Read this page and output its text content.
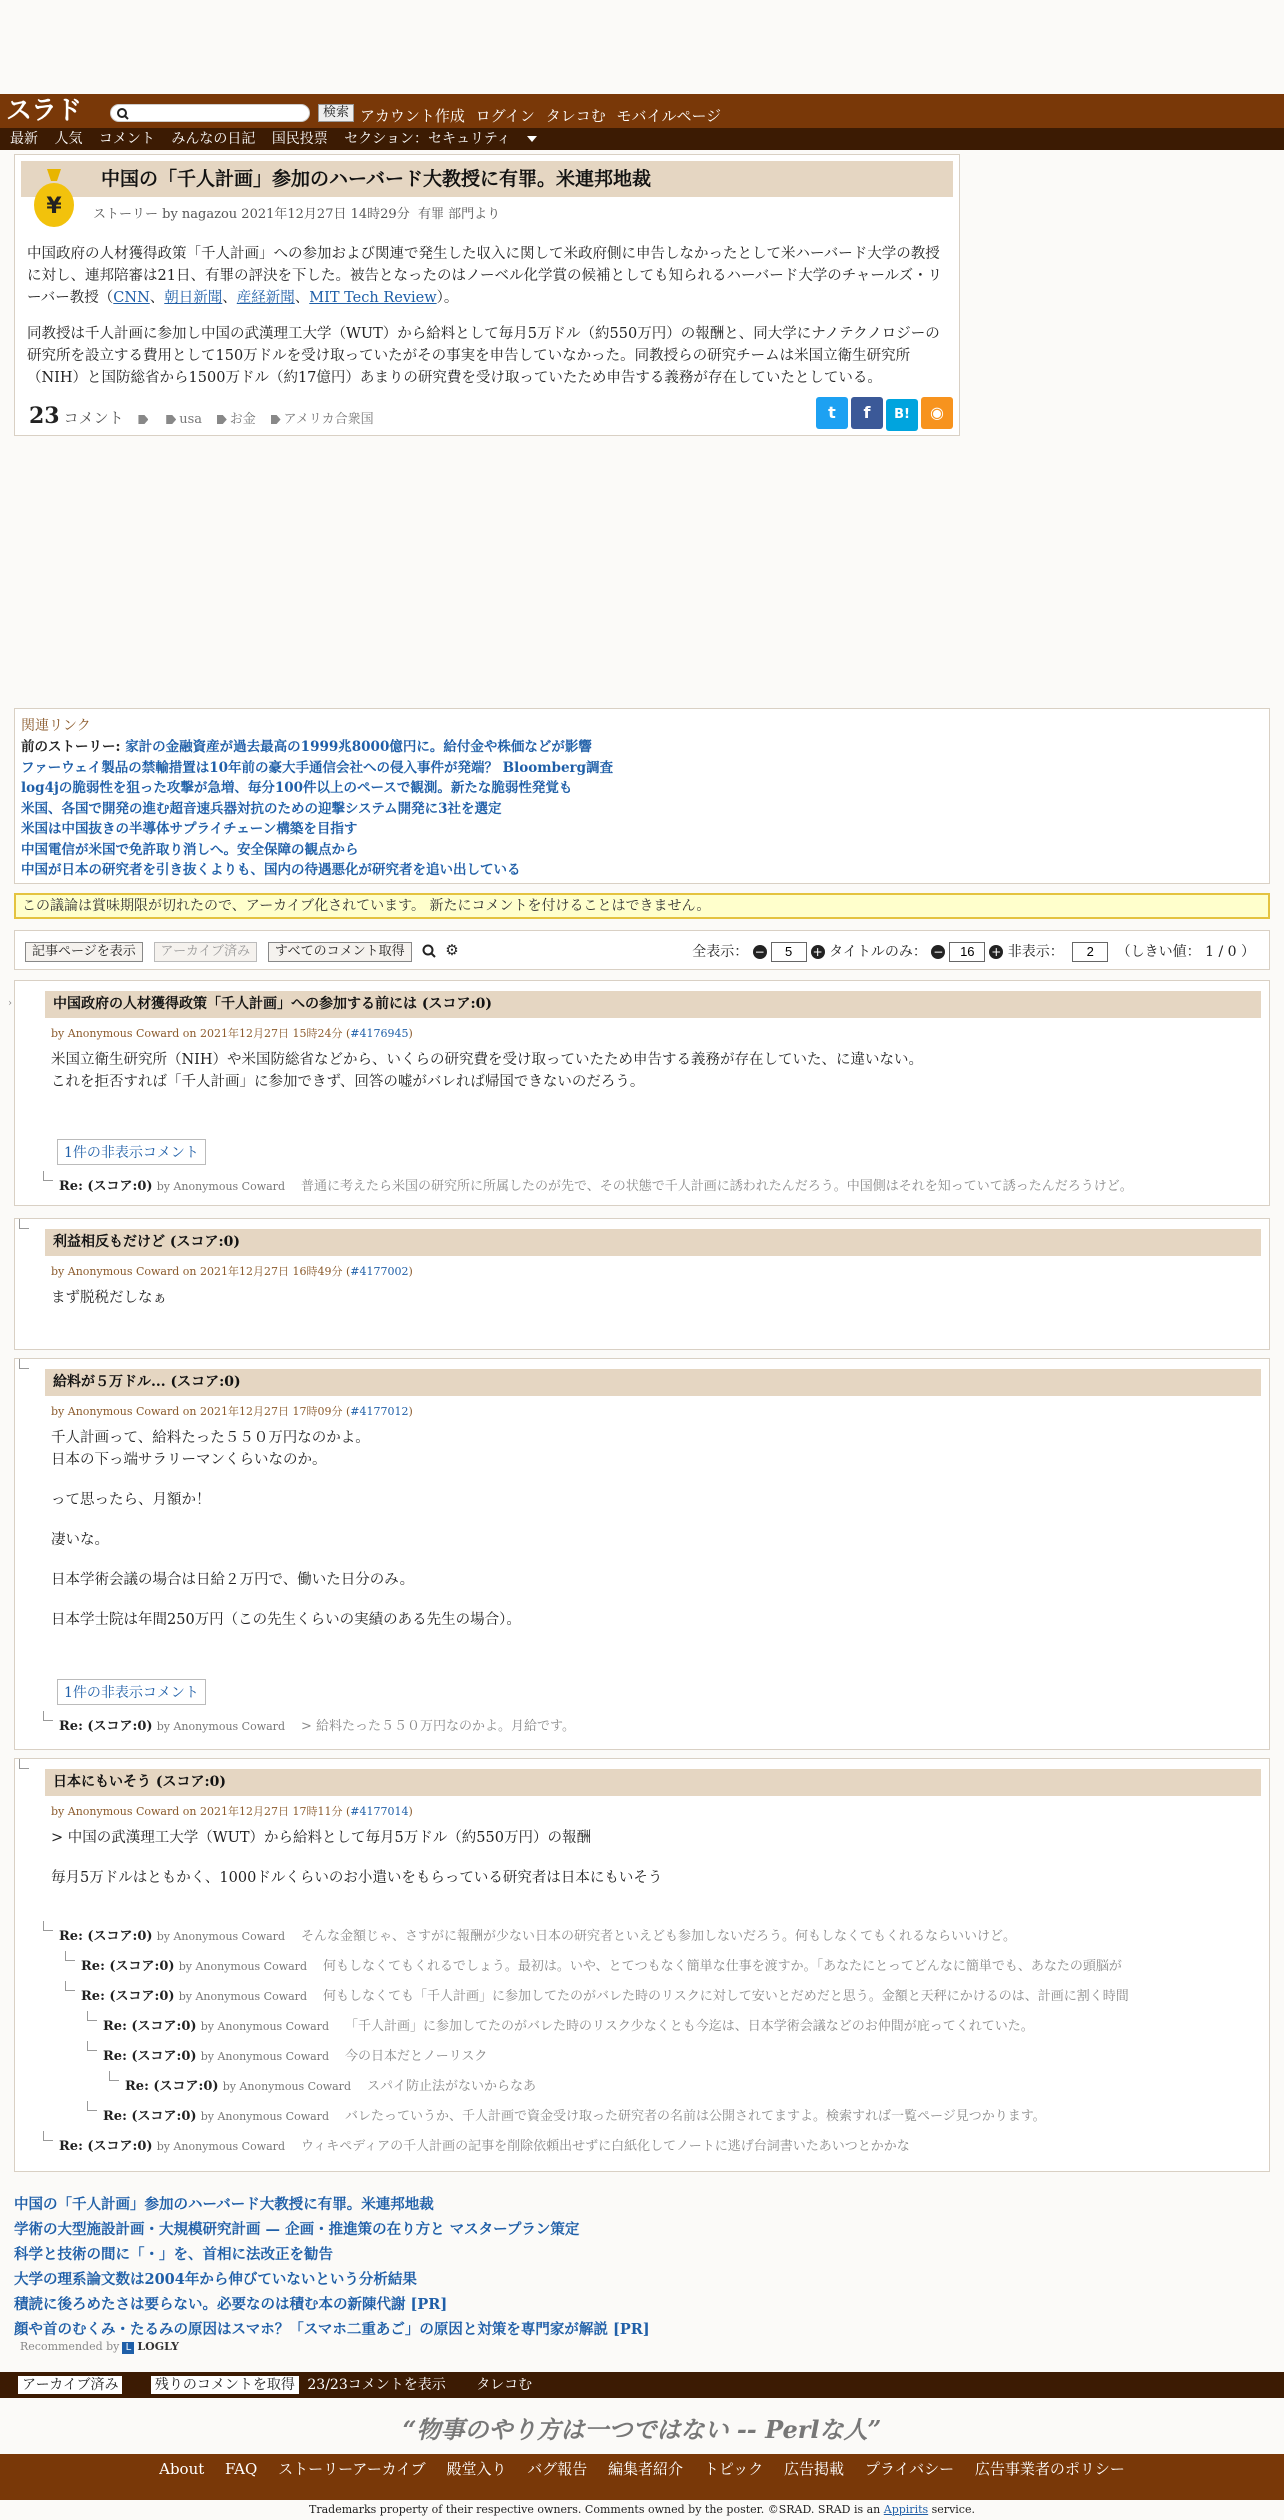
スラド	検索 アカウント作成 ログイン タレコむ モバイルページ
最新 人気 コメント みんなの日記 国民投票 セクション：セキュリティ
中国の「千人計画」参加のハーバード大教授に有罪。米連邦地裁
¥ ストーリー by nagazou 2021年12月27日 14時29分 有罪 部門より

中国政府の人材獲得政策「千人計画」への参加および関連で発生した収入に関して米政府側に申告しなかったとして米ハーバード大学の教授に対し、連邦陪審は21日、有罪の評決を下した。被告となったのはノーベル化学賞の候補としても知られるハーバード大学のチャールズ・リーバー教授（CNN、朝日新聞、産経新聞、MIT Tech Review）。

同教授は千人計画に参加し中国の武漢理工大学（WUT）から給料として毎月5万ドル（約550万円）の報酬と、同大学にナノテクノロジーの研究所を設立する費用として150万ドルを受け取っていたがその事実を申告していなかった。同教授らの研究チームは米国立衛生研究所（NIH）と国防総省から1500万ドル（約17億円）あまりの研究費を受け取っていたため申告する義務が存在していたとしている。

23 コメント	usa お金 アメリカ合衆国	t f B! ◉

関連リンク

前のストーリー: 家計の金融資産が過去最高の1999兆8000億円に。給付金や株価などが影響
ファーウェイ製品の禁輸措置は10年前の豪大手通信会社への侵入事件が発端？ Bloomberg調査
log4jの脆弱性を狙った攻撃が急増、毎分100件以上のペースで観測。新たな脆弱性発覚も
米国、各国で開発の進む超音速兵器対抗のための迎撃システム開発に3社を選定
米国は中国抜きの半導体サプライチェーン構築を目指す
中国電信が米国で免許取り消しへ。安全保障の観点から
中国が日本の研究者を引き抜くよりも、国内の待遇悪化が研究者を追い出している
この議論は賞味期限が切れたので、アーカイブ化されています。 新たにコメントを付けることはできません。
記事ページを表示 アーカイブ済み すべてのコメント取得	⚙	全表示： −5	+ タイトルのみ： −16	+ 非表示： 2	（しきい値： 1 / 0 ）
›	中国政府の人材獲得政策「千人計画」への参加する前には (スコア:0)
by Anonymous Coward on 2021年12月27日 15時24分 (#4176945)
米国立衛生研究所（NIH）や米国防総省などから、いくらの研究費を受け取っていたため申告する義務が存在していた、に違いない。
これを拒否すれば「千人計画」に参加できず、回答の嘘がバレれば帰国できないのだろう。
1件の非表示コメント
Re: (スコア:0) by Anonymous Coward 普通に考えたら米国の研究所に所属したのが先で、その状態で千人計画に誘われたんだろう。中国側はそれを知っていて誘ったんだろうけど。
利益相反もだけど (スコア:0)
by Anonymous Coward on 2021年12月27日 16時49分 (#4177002)
まず脱税だしなぁ
給料が５万ドル... (スコア:0)
by Anonymous Coward on 2021年12月27日 17時09分 (#4177012)
千人計画って、給料たった５５０万円なのかよ。

日本の下っ端サラリーマンくらいなのか。

って思ったら、月額か！

凄いな。

日本学術会議の場合は日給２万円で、働いた日分のみ。

日本学士院は年間250万円（この先生くらいの実績のある先生の場合）。

1件の非表示コメント
Re: (スコア:0) by Anonymous Coward > 給料たった５５０万円なのかよ。月給です。
日本にもいそう (スコア:0)
by Anonymous Coward on 2021年12月27日 17時11分 (#4177014)

> 中国の武漢理工大学（WUT）から給料として毎月5万ドル（約550万円）の報酬

毎月5万ドルはともかく、1000ドルくらいのお小遣いをもらっている研究者は日本にもいそう

Re: (スコア:0) by Anonymous Coward そんな金額じゃ、さすがに報酬が少ない日本の研究者といえども参加しないだろう。何もしなくてもくれるならいいけど。
Re: (スコア:0) by Anonymous Coward 何もしなくてもくれるでしょう。最初は。いや、とてつもなく簡単な仕事を渡すか。「あなたにとってどんなに簡単でも、あなたの頭脳が
Re: (スコア:0) by Anonymous Coward 何もしなくても「千人計画」に参加してたのがバレた時のリスクに対して安いとだめだと思う。金額と天秤にかけるのは、計画に割く時間
Re: (スコア:0) by Anonymous Coward 「千人計画」に参加してたのがバレた時のリスク少なくとも今迄は、日本学術会議などのお仲間が庇ってくれていた。
Re: (スコア:0) by Anonymous Coward 今の日本だとノーリスク
Re: (スコア:0) by Anonymous Coward スパイ防止法がないからなあ
Re: (スコア:0) by Anonymous Coward バレたっていうか、千人計画で資金受け取った研究者の名前は公開されてますよ。検索すれば一覧ページ見つかります。
Re: (スコア:0) by Anonymous Coward ウィキペディアの千人計画の記事を削除依頼出せずに白紙化してノートに逃げ台詞書いたあいつとかかな
中国の「千人計画」参加のハーバード大教授に有罪。米連邦地裁
学術の大型施設計画・大規模研究計画 — 企画・推進策の在り方と マスタープラン策定
科学と技術の間に「・」を、首相に法改正を勧告
大学の理系論文数は2004年から伸びていないという分析結果
積読に後ろめたさは要らない。必要なのは積む本の新陳代謝 [PR]
顔や首のむくみ・たるみの原因はスマホ？「スマホ二重あご」の原因と対策を専門家が解説 [PR]
Recommended by L LOGLY
アーカイブ済み	残りのコメントを取得 23/23コメントを表示 タレコむ
“物事のやり方は一つではない -- Perlな人”
About FAQ ストーリーアーカイブ 殿堂入り バグ報告 編集者紹介 トピック 広告掲載 プライバシー 広告事業者のポリシー
Trademarks property of their respective owners. Comments owned by the poster. ©SRAD. SRAD is an Appirits service.
